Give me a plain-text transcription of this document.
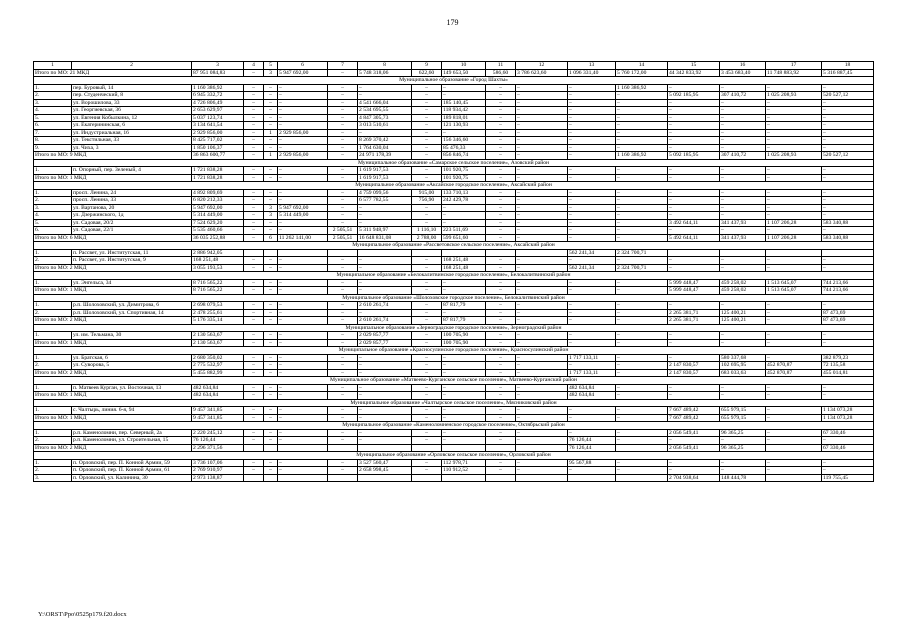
179
1	2	3	4	5	6	7	8	9	10	11	12	13	14	15	16	17	18
Итого по МО: 21 МКД		87 951 084,83	–	3	5 947 692,00	–	5 748 318,06	622,60	149 653,50	586,60	3 786 623,60	1 096 331,40	5 760 172,00	44 342 833,92	3 453 683,40	11 748 883,92	5 316 887,45
Муниципальное образование «Город Шахты»																	
1.	пер. Буровый, 14	1 160 386,92	–	–	–	–	–	–	–	–	–	–	1 160 386,92	–	–	–	–
2.	пер. Студенческий, 8	6 945 332,72	–	–	–	–	–	–	–	–	–	–	–	5 092 185,95	307 410,72	1 025 208,93	520 527,12
3.	ул. Ворошилова, 33	4 726 806,49	–	–	–	–	4 541 666,04	–	185 140,45	–	–	–	–	–	–	–	–
4.	ул. Георгиевская, 36	2 653 629,97	–	–	–	–	2 534 695,55	–	118 934,42	–	–	–	–	–	–	–	–
5.	ул. Евгения Кобылкина, 12	5 037 123,74	–	–	–	–	4 847 305,73	–	189 818,01	–	–	–	–	–	–	–	–
6.	ул. Екатерининская, 6	3 134 641,54	–	–	–	–	3 013 510,61	–	121 130,93	–	–	–	–	–	–	–	–
7.	ул. Индустриальная, 16	2 929 856,00	–	1	2 929 856,00	–	–	–	–	–	–	–	–	–	–	–	–
8.	ул. Текстильная, 33	8 425 717,02	–	–	–	–	8 269 370,42	–	156 346,60	–	–	–	–	–	–	–	–
9.	ул. Чиха, 3	1 850 106,37	–	–	–	–	1 764 630,04	–	85 476,33	–	–	–	–	–	–	–	–
Итого по МО: 9 МКД		36 863 600,77	–	1	2 929 856,00	–	24 971 178,39	–	856 846,74	–	–	–	1 160 386,92	5 092 185,95	307 410,72	1 025 208,93	520 527,12
Муниципальное образование «Самарское сельское поселение», Азовский район																	
1.	п. Опорный, пер. Зеленый, 4	1 721 838,28	–	–	–	–	1 619 917,53	–	101 920,75	–	–	–	–	–	–	–	–
Итого по МО: 1 МКД		1 721 838,28	–	–	–	–	1 619 917,53	–	101 920,75	–	–	–	–	–	–	–	–
Муниципальное образование «Аксайское городское поселение», Аксайский район																	
1.	просп. Ленина, 24	4 892 809,69	–	–	–	–	4 759 099,56	915,00	133 710,13	–	–	–	–	–	–	–	–
2.	просп. Ленина, 33	6 820 212,33	–	–	–	–	6 577 782,55	756,90	242 429,78	–	–	–	–	–	–	–	–
3.	ул. Вартанова, 20	5 947 692,00	–	3	5 947 692,00	–	–	–	–	–	–	–	–	–	–	–	–
4.	ул. Дзержинского, 1д	5 314 449,00	–	3	5 314 449,00	–	–	–	–	–	–	–	–	–	–	–	–
5.	ул. Садовая, 20/2	7 524 629,20	–	–	–	–	–	–	–	–	–	–	–	3 492 644,11	341 437,93	1 107 206,28	583 340,88
6.	ул. Садовая, 22/1	5 535 460,66	–	–	–	2 505,51	5 311 948,97	1 116,10	223 511,69	–	–	–	–	–	–	–	–
Итого по МО: 6 МКД		36 035 252,88	–	6	11 262 141,00	2 505,51	16 648 831,08	2 788,00	599 651,60	–	–	–	–	5 492 644,11	341 437,93	1 107 206,28	583 340,88
Муниципальное образование «Рассветовское сельское поселение», Аксайский район																	
1.	п. Рассвет, ул. Институтская, 11	2 886 942,05										562 241,34	2 324 700,71				
2.	п. Рассвет, ул. Институтская, 9	168 251,48	–	–	–	–	–	–	168 251,48	–	–	–	–	–	–	–	–
Итого по МО: 2 МКД		3 055 193,53	–	–	–	–	–	–	168 251,48	–	–	562 241,34	2 324 700,71	–	–	–	–
Муниципальное образование «Белокалитвинское городское поселение», Белокалитвинский район																	
1.	ул. Энгельса, 34	8 716 565,22	–	–	–	–	–	–	–	–	–	–	–	5 999 448,47	459 258,02	1 513 645,07	744 213,66
Итого по МО: 1 МКД		8 716 565,22	–	–	–	–	–	–	–	–	–	–	–	5 999 448,47	459 258,02	1 513 645,07	744 213,66
Муниципальное образование «Шолоховское городское поселение», Белокалитвинский район																	
1.	р.п. Шолоховский, ул. Димитрова, 6	2 698 079,53	–	–	–	–	2 610 261,74	–	87 817,79	–	–	–	–	–	–	–	–
2.	р.п. Шолоховский, ул. Спортивная, 14	2 478 255,61	–	–	–	–	–	–	–	–	–	–	–	2 265 381,71	125 400,21	–	87 473,69
Итого по МО: 2 МКД		5 176 335,14	–	–	–	–	2 610 261,74	–	87 817,79	–	–	–	–	2 265 381,71	125 400,21	–	87 473,69
Муниципальное образование «Зерноградское городское поселение», Зерноградский район																	
1.	ул. им. Тельмана, 30	2 130 563,67	–	–	–	–	2 029 857,77	–	100 705,90	–	–	–	–	–	–	–	–
Итого по МО: 1 МКД		2 130 563,67	–	–	–	–	2 029 857,77	–	100 705,90	–	–	–	–	–	–	–	–
Муниципальное образование «Красносулинское городское поселение», Красносулинский район																	
1.	ул. Братская, 6	2 680 350,02	–	–	–	–	–	–	–	–	–	1 717 133,11	–	–	580 337,68	–	382 879,23
2.	ул. Суворова, 5	2 775 532,97	–	–	–	–	–	–	–	–	–	–	–	2 147 830,57	102 695,95	452 870,87	72 135,58
Итого по МО: 2 МКД		5 455 882,99	–	–	–	–	–	–	–	–	–	1 717 133,11	–	2 147 830,57	683 033,63	452 870,87	455 014,81
Муниципальное образование «Матвеево-Курганское сельское поселение», Матвеево-Курганский район																	
1.	п. Матвеев Курган, ул. Восточная, 13	482 634,84	–	–	–	–	–	–	–	–	–	482 634,84	–	–	–	–	–
Итого по МО: 1 МКД		482 634,84	–	–	–	–	–	–	–	–	–	482 634,84	–	–	–	–	–
Муниципальное образование «Чалтырское сельское поселение», Мясниковский район																	
1.	с. Чалтырь, линия. 6-я, 94	9 457 341,85	–	–	–	–	–	–	–	–	–	–	–	7 667 489,42	655 979,15	–	1 134 073,28
Итого по МО: 1 МКД		9 457 341,85	–	–	–	–	–	–	–	–	–	–	–	7 667 489,42	655 979,15	–	1 134 073,28
Муниципальное образование «Каменоломненское городское поселение», Октябрьский район																	
1.	р.п. Каменоломни, пер. Северный, 2а	2 220 245,12	–	–	–	–	–	–	–	–	–	–	–	2 056 549,41	96 365,25	–	67 330,46
2.	р.п. Каменоломни, ул. Строительная, 15	76 126,44	–	–	–	–	–	–	–	–	–	76 126,44	–	–	–	–	–
Итого по МО: 2 МКД		2 296 371,56										76 126,44		2 056 549,41	96 365,25		67 330,46
Муниципальное образование «Орловское сельское поселение», Орловский район																	
1.	п. Орловский, пер. П. Конной Армии, 59	3 736 107,06	–	–	–	–	3 527 560,47	–	112 978,71	–	–	95 567,88	–	–	–	–	–
2.	п. Орловский, пер. П. Конной Армии, 61	2 769 910,97	–	–	–	–	2 658 998,45	–	110 912,52	–	–	–	–	–	–	–	–
3.	п. Орловский, ул. Калинина, 30	2 973 138,87												2 704 938,64	148 444,78		119 755,45
Y:\ORST\Ppo\0525p179.f20.docx
